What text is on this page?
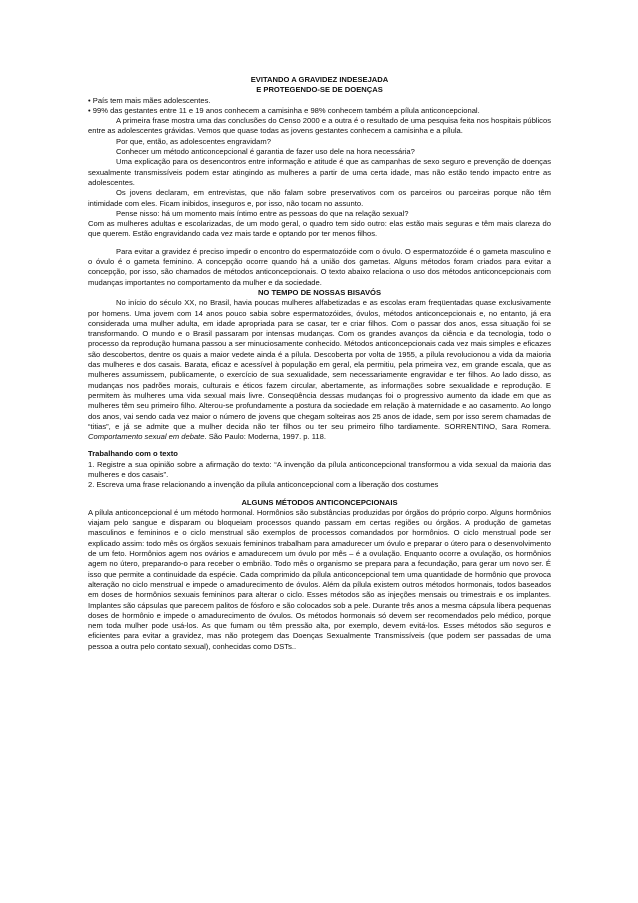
EVITANDO A GRAVIDEZ INDESEJADA
E PROTEGENDO-SE DE DOENÇAS

• País tem mais mães adolescentes.

• 99% das gestantes entre 11 e 19 anos conhecem a camisinha e 98% conhecem também a pílula anticoncepcional.

A primeira frase mostra uma das conclusões do Censo 2000 e a outra é o resultado de uma pesquisa feita nos hospitais públicos entre as adolescentes grávidas. Vemos que quase todas as jovens gestantes conhecem a camisinha e a pílula.

Por que, então, as adolescentes engravidam?

Conhecer um método anticoncepcional é garantia de fazer uso dele na hora necessária?

Uma explicação para os desencontros entre informação e atitude é que as campanhas de sexo seguro e prevenção de doenças sexualmente transmissíveis podem estar atingindo as mulheres a partir de uma certa idade, mas não estão tendo impacto entre as adolescentes.

Os jovens declaram, em entrevistas, que não falam sobre preservativos com os parceiros ou parceiras porque não têm intimidade com eles. Ficam inibidos, inseguros e, por isso, não tocam no assunto.

Pense nisso: há um momento mais íntimo entre as pessoas do que na relação sexual?

Com as mulheres adultas e escolarizadas, de um modo geral, o quadro tem sido outro: elas estão mais seguras e têm mais clareza do que querem. Estão engravidando cada vez mais tarde e optando por ter menos filhos.

Para evitar a gravidez é preciso impedir o encontro do espermatozóide com o óvulo. O espermatozóide é o gameta masculino e o óvulo é o gameta feminino. A concepção ocorre quando há a união dos gametas. Alguns métodos foram criados para evitar a concepção, por isso, são chamados de métodos anticoncepcionais. O texto abaixo relaciona o uso dos métodos anticoncepcionais com mudanças importantes no comportamento da mulher e da sociedade.

NO TEMPO DE NOSSAS BISAVÓS

No início do século XX, no Brasil, havia poucas mulheres alfabetizadas e as escolas eram freqüentadas quase exclusivamente por homens. Uma jovem com 14 anos pouco sabia sobre espermatozóides, óvulos, métodos anticoncepcionais e, no entanto, já era considerada uma mulher adulta, em idade apropriada para se casar, ter e criar filhos. Com o passar dos anos, essa situação foi se transformando. O mundo e o Brasil passaram por intensas mudanças. Com os grandes avanços da ciência e da tecnologia, todo o processo da reprodução humana passou a ser minuciosamente conhecido. Métodos anticoncepcionais cada vez mais simples e eficazes são descobertos, dentre os quais a maior vedete ainda é a pílula. Descoberta por volta de 1955, a pílula revolucionou a vida da maioria das mulheres e dos casais. Barata, eficaz e acessível à população em geral, ela permitiu, pela primeira vez, em grande escala, que as mulheres assumissem, publicamente, o exercício de sua sexualidade, sem necessariamente engravidar e ter filhos. Ao lado disso, as mudanças nos padrões morais, culturais e éticos fazem circular, abertamente, as informações sobre sexualidade e reprodução. E permitem às mulheres uma vida sexual mais livre. Conseqüência dessas mudanças foi o progressivo aumento da idade em que as mulheres têm seu primeiro filho. Alterou-se profundamente a postura da sociedade em relação à maternidade e ao casamento. Ao longo dos anos, vai sendo cada vez maior o número de jovens que chegam solteiras aos 25 anos de idade, sem por isso serem chamadas de “titias”, e já se admite que a mulher decida não ter filhos ou ter seu primeiro filho tardiamente. SORRENTINO, Sara Romera. Comportamento sexual em debate. São Paulo: Moderna, 1997. p. 118.

Trabalhando com o texto

1. Registre a sua opinião sobre a afirmação do texto: “A invenção da pílula anticoncepcional transformou a vida sexual da maioria das mulheres e dos casais”.

2. Escreva uma frase relacionando a invenção da pílula anticoncepcional com a liberação dos costumes

ALGUNS MÉTODOS ANTICONCEPCIONAIS

A pílula anticoncepcional é um método hormonal. Hormônios são substâncias produzidas por órgãos do próprio corpo. Alguns hormônios viajam pelo sangue e disparam ou bloqueiam processos quando passam em certas regiões ou órgãos. A produção de gametas masculinos e femininos e o ciclo menstrual são exemplos de processos comandados por hormônios. O ciclo menstrual pode ser explicado assim: todo mês os órgãos sexuais femininos trabalham para amadurecer um óvulo e preparar o útero para o desenvolvimento de um feto. Hormônios agem nos ovários e amadurecem um óvulo por mês – é a ovulação. Enquanto ocorre a ovulação, os hormônios agem no útero, preparando-o para receber o embrião. Todo mês o organismo se prepara para a fecundação, para gerar um novo ser. É isso que permite a continuidade da espécie. Cada comprimido da pílula anticoncepcional tem uma quantidade de hormônio que provoca alteração no ciclo menstrual e impede o amadurecimento de óvulos. Além da pílula existem outros métodos hormonais, todos baseados em doses de hormônios sexuais femininos para alterar o ciclo. Esses métodos são as injeções mensais ou trimestrais e os implantes. Implantes são cápsulas que parecem palitos de fósforo e são colocados sob a pele. Durante três anos a mesma cápsula libera pequenas doses de hormônio e impede o amadurecimento de óvulos. Os métodos hormonais só devem ser recomendados pelo médico, porque nem toda mulher pode usá-los. As que fumam ou têm pressão alta, por exemplo, devem evitá-los. Esses métodos são seguros e eficientes para evitar a gravidez, mas não protegem das Doenças Sexualmente Transmissíveis (que podem ser passadas de uma pessoa a outra pelo contato sexual), conhecidas como DSTs..
